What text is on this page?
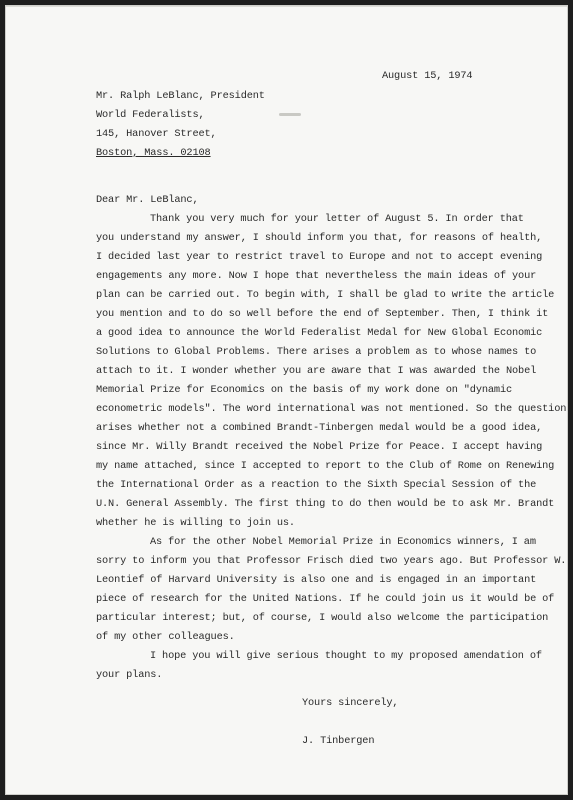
August 15, 1974

Mr. Ralph LeBlanc, President

World Federalists,

145, Hanover Street,

Boston, Mass. 02108

Dear Mr. LeBlanc,

Thank you very much for your letter of August 5. In order that

you understand my answer, I should inform you that, for reasons of health,

I decided last year to restrict travel to Europe and not to accept evening

engagements any more. Now I hope that nevertheless the main ideas of your

plan can be carried out. To begin with, I shall be glad to write the article

you mention and to do so well before the end of September. Then, I think it

a good idea to announce the World Federalist Medal for New Global Economic

Solutions to Global Problems. There arises a problem as to whose names to

attach to it. I wonder whether you are aware that I was awarded the Nobel

Memorial Prize for Economics on the basis of my work done on "dynamic

econometric models". The word international was not mentioned. So the question

arises whether not a combined Brandt-Tinbergen medal would be a good idea,

since Mr. Willy Brandt received the Nobel Prize for Peace. I accept having

my name attached, since I accepted to report to the Club of Rome on Renewing

the International Order as a reaction to the Sixth Special Session of the

U.N. General Assembly. The first thing to do then would be to ask Mr. Brandt

whether he is willing to join us.

As for the other Nobel Memorial Prize in Economics winners, I am

sorry to inform you that Professor Frisch died two years ago. But Professor W.

Leontief of Harvard University is also one and is engaged in an important

piece of research for the United Nations. If he could join us it would be of

particular interest; but, of course, I would also welcome the participation

of my other colleagues.

I hope you will give serious thought to my proposed amendation of

your plans.

Yours sincerely,

J. Tinbergen
